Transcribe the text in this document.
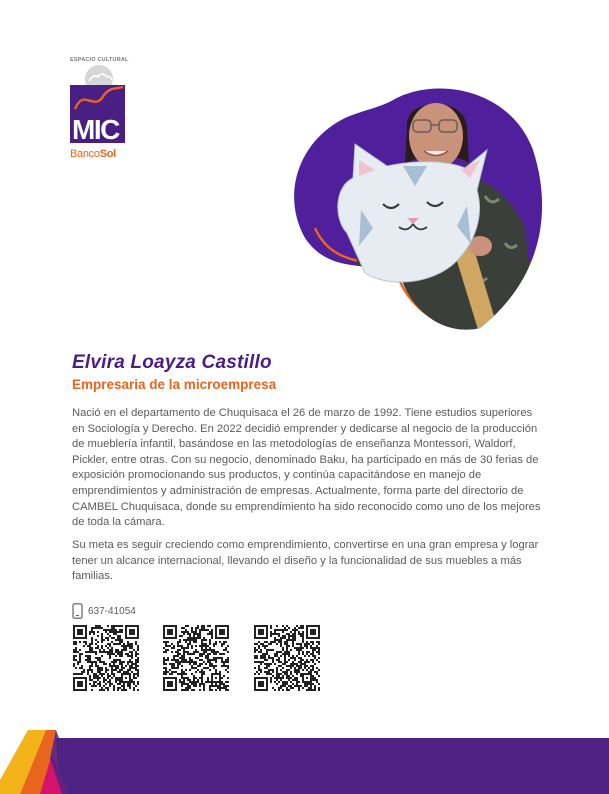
ESPACIO CULTURAL
MIC
BancoSol
Elvira Loayza Castillo
Empresaria de la microempresa

Nació en el departamento de Chuquisaca el 26 de marzo de 1992. Tiene estudios superiores en Sociología y Derecho. En 2022 decidió emprender y dedicarse al negocio de la producción de mueblería infantil, basándose en las metodologías de enseñanza Montessori, Waldorf, Pickler, entre otras. Con su negocio, denominado Baku, ha participado en más de 30 ferias de exposición promocionando sus productos, y continúa capacitándose en manejo de emprendimientos y administración de empresas. Actualmente, forma parte del directorio de CAMBEL Chuquisaca, donde su emprendimiento ha sido reconocido como uno de los mejores de toda la cámara.

Su meta es seguir creciendo como emprendimiento, convertirse en una gran empresa y lograr tener un alcance internacional, llevando el diseño y la funcionalidad de sus muebles a más familias.

637-41054
